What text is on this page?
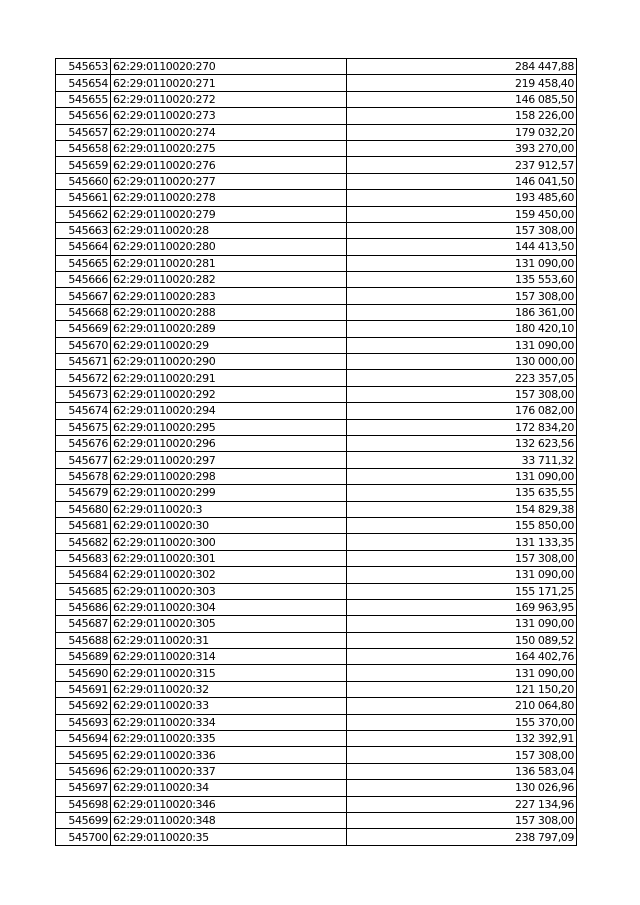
545653	62:29:0110020:270	284 447,88
545654	62:29:0110020:271	219 458,40
545655	62:29:0110020:272	146 085,50
545656	62:29:0110020:273	158 226,00
545657	62:29:0110020:274	179 032,20
545658	62:29:0110020:275	393 270,00
545659	62:29:0110020:276	237 912,57
545660	62:29:0110020:277	146 041,50
545661	62:29:0110020:278	193 485,60
545662	62:29:0110020:279	159 450,00
545663	62:29:0110020:28	157 308,00
545664	62:29:0110020:280	144 413,50
545665	62:29:0110020:281	131 090,00
545666	62:29:0110020:282	135 553,60
545667	62:29:0110020:283	157 308,00
545668	62:29:0110020:288	186 361,00
545669	62:29:0110020:289	180 420,10
545670	62:29:0110020:29	131 090,00
545671	62:29:0110020:290	130 000,00
545672	62:29:0110020:291	223 357,05
545673	62:29:0110020:292	157 308,00
545674	62:29:0110020:294	176 082,00
545675	62:29:0110020:295	172 834,20
545676	62:29:0110020:296	132 623,56
545677	62:29:0110020:297	33 711,32
545678	62:29:0110020:298	131 090,00
545679	62:29:0110020:299	135 635,55
545680	62:29:0110020:3	154 829,38
545681	62:29:0110020:30	155 850,00
545682	62:29:0110020:300	131 133,35
545683	62:29:0110020:301	157 308,00
545684	62:29:0110020:302	131 090,00
545685	62:29:0110020:303	155 171,25
545686	62:29:0110020:304	169 963,95
545687	62:29:0110020:305	131 090,00
545688	62:29:0110020:31	150 089,52
545689	62:29:0110020:314	164 402,76
545690	62:29:0110020:315	131 090,00
545691	62:29:0110020:32	121 150,20
545692	62:29:0110020:33	210 064,80
545693	62:29:0110020:334	155 370,00
545694	62:29:0110020:335	132 392,91
545695	62:29:0110020:336	157 308,00
545696	62:29:0110020:337	136 583,04
545697	62:29:0110020:34	130 026,96
545698	62:29:0110020:346	227 134,96
545699	62:29:0110020:348	157 308,00
545700	62:29:0110020:35	238 797,09
